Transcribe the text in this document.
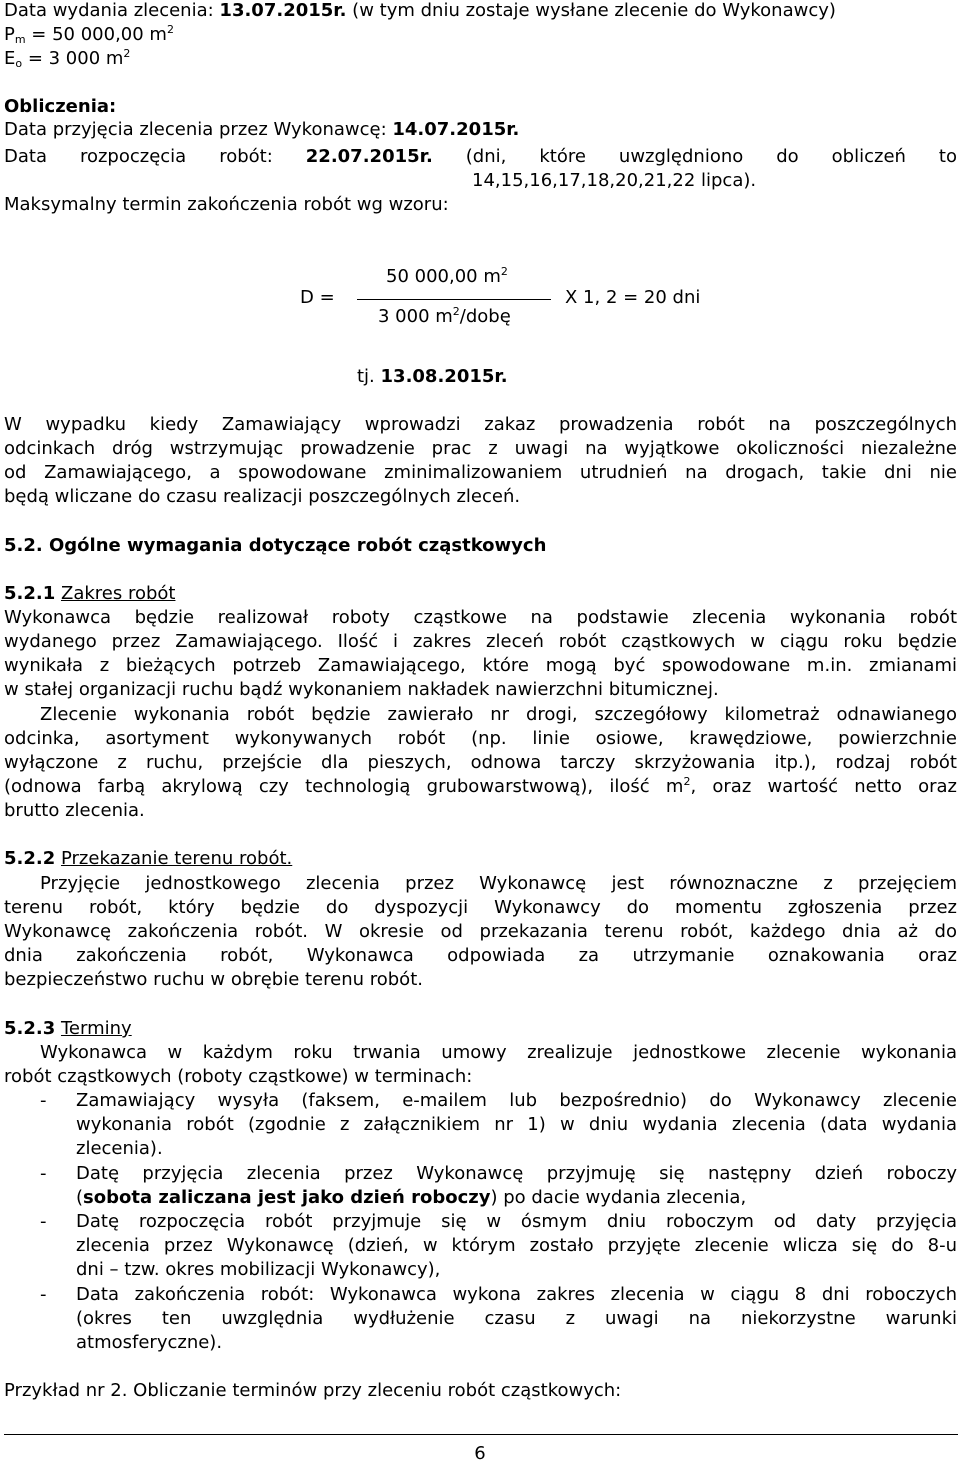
Data wydania zlecenia: 13.07.2015r. (w tym dniu zostaje wysłane zlecenie do Wykonawcy)
$P_m = 50$ 000,00 $m^2$
$E_o = 3$ 000 $m^2$
Obliczenia:
Data przyjęcia zlecenia przez Wykonawcę: 14.07.2015r.
Data rozpoczęcia robót: 22.07.2015r. (dni, które uwzględniono do obliczeń to
14,15,16,17,18,20,21,22 lipca).
Maksymalny termin zakończenia robót wg wzoru:
D =
50 000,00 $m^2$
3 000 $m^2$/dobę
X 1, 2 = 20 dni
tj. 13.08.2015r.
W wypadku kiedy Zamawiający wprowadzi zakaz prowadzenia robót na poszczególnych
odcinkach dróg wstrzymując prowadzenie prac z uwagi na wyjątkowe okoliczności niezależne
od Zamawiającego, a spowodowane zminimalizowaniem utrudnień na drogach, takie dni nie
będą wliczane do czasu realizacji poszczególnych zleceń.
5.2. Ogólne wymagania dotyczące robót cząstkowych
5.2.1 Zakres robót
Wykonawca będzie realizował roboty cząstkowe na podstawie zlecenia wykonania robót
wydanego przez Zamawiającego. Ilość i zakres zleceń robót cząstkowych w ciągu roku będzie
wynikała z bieżących potrzeb Zamawiającego, które mogą być spowodowane m.in. zmianami
w stałej organizacji ruchu bądź wykonaniem nakładek nawierzchni bitumicznej.
Zlecenie wykonania robót będzie zawierało nr drogi, szczegółowy kilometraż odnawianego
odcinka, asortyment wykonywanych robót (np. linie osiowe, krawędziowe, powierzchnie
wyłączone z ruchu, przejście dla pieszych, odnowa tarczy skrzyżowania itp.), rodzaj robót
(odnowa farbą akrylową czy technologią grubowarstwową), ilość $m^2$, oraz wartość netto oraz
brutto zlecenia.
5.2.2 Przekazanie terenu robót.
Przyjęcie jednostkowego zlecenia przez Wykonawcę jest równoznaczne z przejęciem
terenu robót, który będzie do dyspozycji Wykonawcy do momentu zgłoszenia przez
Wykonawcę zakończenia robót. W okresie od przekazania terenu robót, każdego dnia aż do
dnia zakończenia robót, Wykonawca odpowiada za utrzymanie oznakowania oraz
bezpieczeństwo ruchu w obrębie terenu robót.
5.2.3 Terminy
Wykonawca w każdym roku trwania umowy zrealizuje jednostkowe zlecenie wykonania
robót cząstkowych (roboty cząstkowe) w terminach:
- Zamawiający wysyła (faksem, e-mailem lub bezpośrednio) do Wykonawcy zlecenie
wykonania robót (zgodnie z załącznikiem nr 1) w dniu wydania zlecenia (data wydania
zlecenia).
- Datę przyjęcia zlecenia przez Wykonawcę przyjmuję się następny dzień roboczy
(sobota zaliczana jest jako dzień roboczy) po dacie wydania zlecenia,
- Datę rozpoczęcia robót przyjmuje się w ósmym dniu roboczym od daty przyjęcia
zlecenia przez Wykonawcę (dzień, w którym zostało przyjęte zlecenie wlicza się do 8-u
dni – tzw. okres mobilizacji Wykonawcy),
- Data zakończenia robót: Wykonawca wykona zakres zlecenia w ciągu 8 dni roboczych
(okres ten uwzględnia wydłużenie czasu z uwagi na niekorzystne warunki
atmosferyczne).
Przykład nr 2. Obliczanie terminów przy zleceniu robót cząstkowych:
6
